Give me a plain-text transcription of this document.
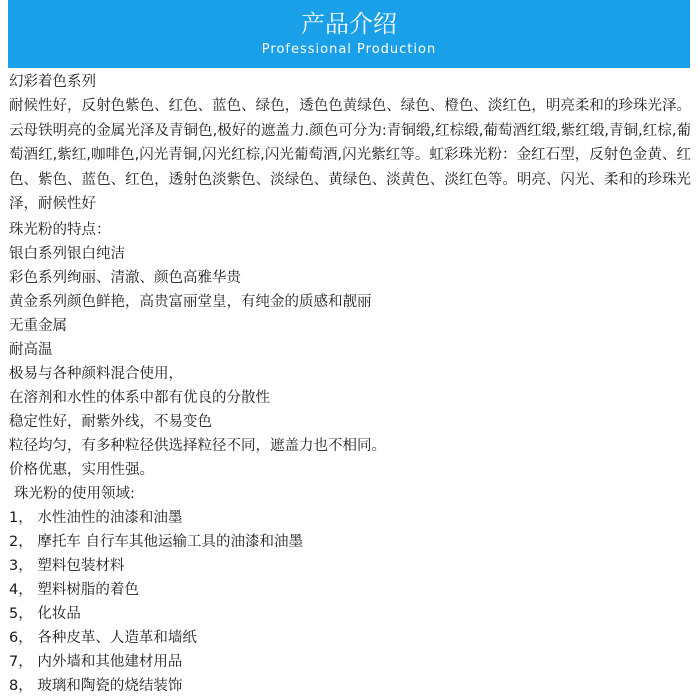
产品介绍
Professional Production
幻彩着色系列
耐候性好，反射色紫色、红色、蓝色、绿色，透色色黄绿色、绿色、橙色、淡红色，明亮柔和的珍珠光泽。云母铁明亮的金属光泽及青铜色,极好的遮盖力.颜色可分为:青铜缎,红棕缎,葡萄酒红缎,紫红缎,青铜,红棕,葡萄酒红,紫红,咖啡色,闪光青铜,闪光红棕,闪光葡萄酒,闪光紫红等。虹彩珠光粉：金红石型，反射色金黄、红色、紫色、蓝色、红色，透射色淡紫色、淡绿色、黄绿色、淡黄色、淡红色等。明亮、闪光、柔和的珍珠光泽，耐候性好
珠光粉的特点：
银白系列银白纯洁
彩色系列绚丽、清澈、颜色高雅华贵
黄金系列颜色鲜艳，高贵富丽堂皇，有纯金的质感和靓丽
无重金属
耐高温
极易与各种颜料混合使用，
在溶剂和水性的体系中都有优良的分散性
稳定性好，耐紫外线，不易变色
粒径均匀，有多种粒径供选择粒径不同，遮盖力也不相同。
价格优惠，实用性强。
珠光粉的使用领域:
1， 水性油性的油漆和油墨
2， 摩托车 自行车其他运输工具的油漆和油墨
3， 塑料包装材料
4， 塑料树脂的着色
5， 化妆品
6， 各种皮革、人造革和墙纸
7， 内外墙和其他建材用品
8， 玻璃和陶瓷的烧结装饰
